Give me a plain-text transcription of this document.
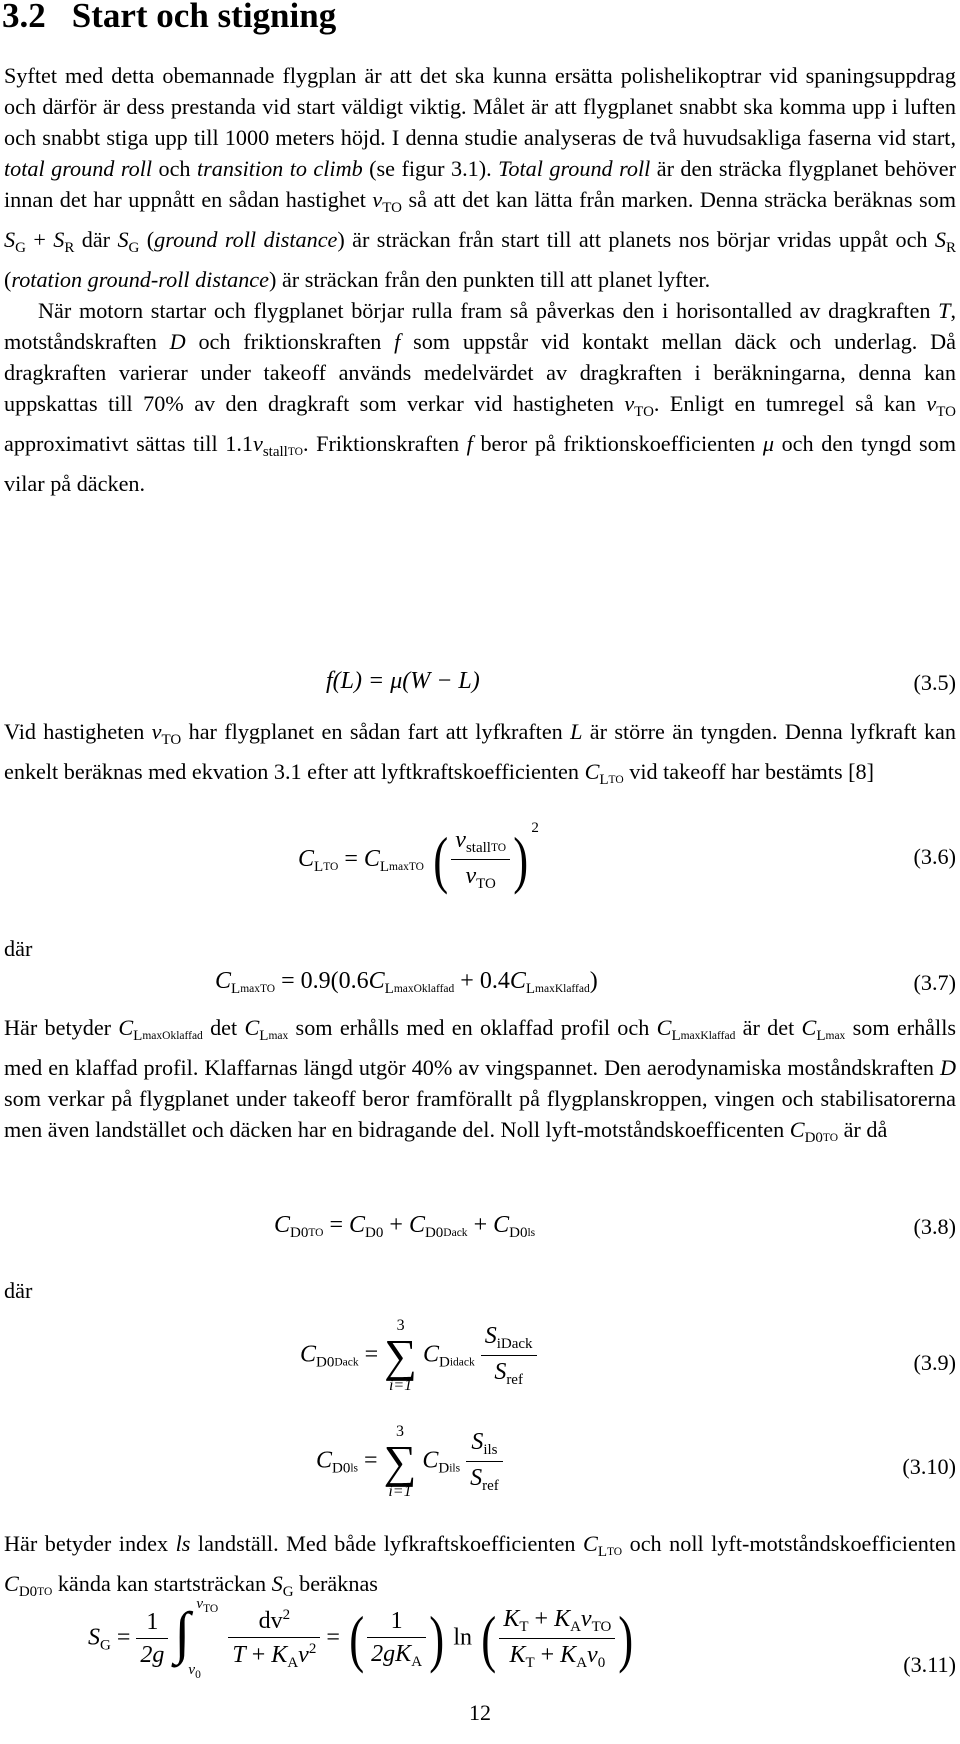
3.2 Start och stigning

Syftet med detta obemannade flygplan är att det ska kunna ersätta polishelikoptrar vid spaningsuppdrag och därför är dess prestanda vid start väldigt viktig. Målet är att flygplanet snabbt ska komma upp i luften och snabbt stiga upp till 1000 meters höjd. I denna studie analyseras de två huvudsakliga faserna vid start, total ground roll och transition to climb (se figur 3.1). Total ground roll är den sträcka flygplanet behöver innan det har uppnått en sådan hastighet $v_{TO}$ så att det kan lätta från marken. Denna sträcka beräknas som $S_G + S_R$ där $S_G$ (ground roll distance) är sträckan från start till att planets nos börjar vridas uppåt och $S_R$ (rotation ground-roll distance) är sträckan från den punkten till att planet lyfter.

När motorn startar och flygplanet börjar rulla fram så påverkas den i horisontalled av dragkraften T, motståndskraften D och friktionskraften f som uppstår vid kontakt mellan däck och underlag. Då dragkraften varierar under takeoff används medelvärdet av dragkraften i beräkningarna, denna kan uppskattas till 70% av den dragkraft som verkar vid hastigheten $v_{TO}$. Enligt en tumregel så kan $v_{TO}$ approximativt sättas till $1.1v_{stall}TO$. Friktionskraften f beror på friktionskoefficienten μ och den tyngd som vilar på däcken.

f(L) = μ(W − L)	(3.5)

Vid hastigheten $v_{TO}$ har flygplanet en sådan fart att lyfkraften L är större än tyngden. Denna lyfkraft kan enkelt beräknas med ekvation 3.1 efter att lyftkraftskoefficienten $C_LTO$ vid takeoff har bestämts [8]

$C_LTO$ = $C_LmaxTO$ ( $\frac{v_{stall}TO}{v_{TO}}$ ) $^2$
(3.6)
där
$C_LmaxTO$ = $0.9(0.6C_LmaxOklaffad$ + $0.4C_LmaxKlaffad$)	(3.7)

Här betyder $C_LmaxOklaffad$ $\det C_L\max$ som erhålls med en oklaffad profil och $C_LmaxKlaffad$ är $\det C_L\max$ som erhålls med en klaffad profil. Klaffarnas längd utgör 40% av vingspannet. Den aerodynamiska moståndskraften D som verkar på flygplanet under takeoff beror framförallt på flygplanskroppen, vingen och stabilisatorerna men även landstället och däcken har en bidragande del. Noll lyft-motståndskoefficenten $C_{D0}TO$ är då

$C_{D0}TO = C_{D0}$ + $C_{D0}Dack + C_{D0}ls$	(3.8)
där
$C_{D0}Dack$ =
3
∑
i=1
$C_Didack \frac{S_{iDack}}{S_{ref}}$	(3.9)
$C_{D0}ls$ =
3
∑
i=1
$C_Dils \frac{S_{ils}}{S_{ref}}$	(3.10)

Här betyder index ls landställ. Med både lyfkraftskoefficienten $C_LTO$ och noll lyft-motståndskoefficienten $C_{D0}TO$ kända kan startsträckan $S_G$ beräknas

$S_G = \frac{1}{2g}$
∫ $v_{TO}$
$v_0$

$\frac{dv^2}{T + K_Av^2}$ = ( $\frac{1}{2gK_A}$ ) ln ( $\frac{K_T + K_Av_{TO}}{K_T + K_Av_0}$ )	(3.11)
12
